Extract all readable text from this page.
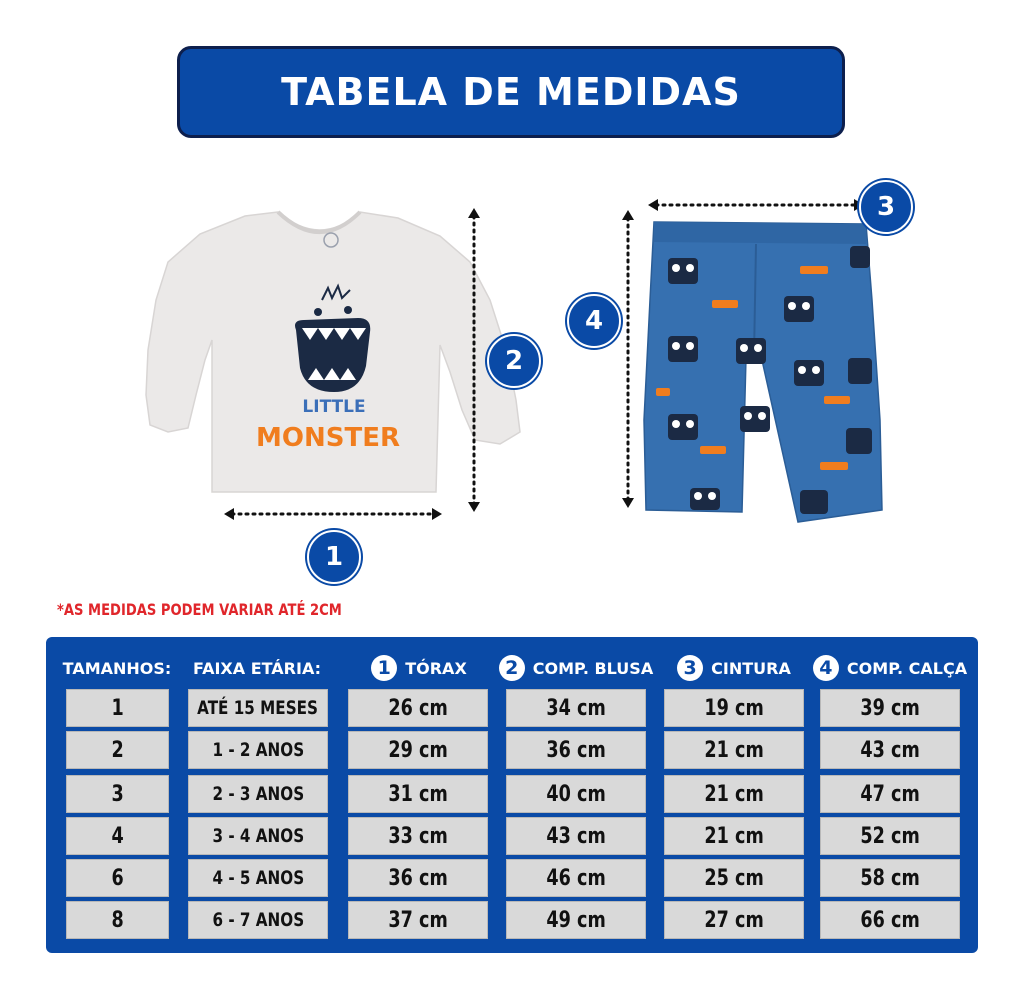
TABELA DE MEDIDAS
LITTLE
MONSTER
1
2
3
4
*AS MEDIDAS PODEM VARIAR ATÉ 2CM
TAMANHOS: FAIXA ETÁRIA:	1 TÓRAX	2 COMP. BLUSA	3 CINTURA	4 COMP. CALÇA
1	ATÉ 15 MESES	26 cm	34 cm	19 cm	39 cm
2	1 - 2 ANOS	29 cm	36 cm	21 cm	43 cm
3	2 - 3 ANOS	31 cm	40 cm	21 cm	47 cm
4	3 - 4 ANOS	33 cm	43 cm	21 cm	52 cm
6	4 - 5 ANOS	36 cm	46 cm	25 cm	58 cm
8	6 - 7 ANOS	37 cm	49 cm	27 cm	66 cm
